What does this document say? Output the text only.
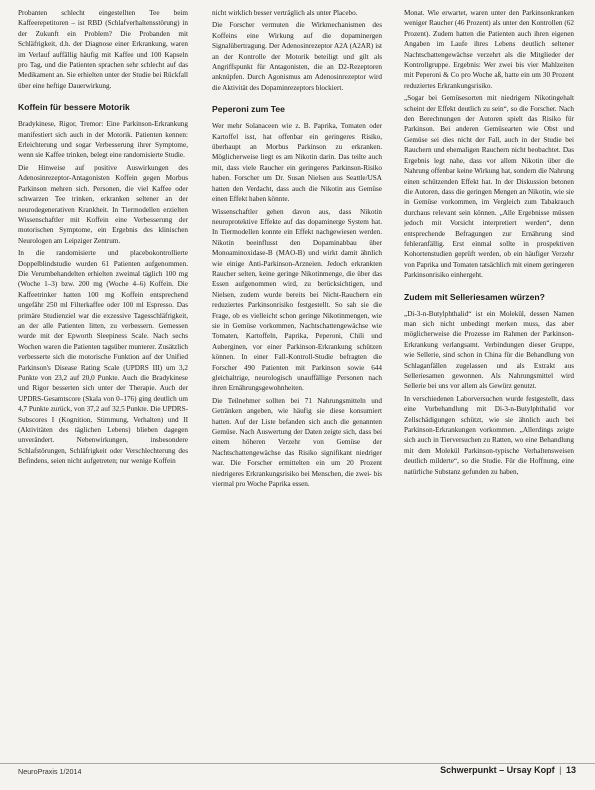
Probanten schlecht eingestellten Tee beim Kaffeerepetitoren – ist RBD (Schlafverhaltensstörung) in der Zukunft ein Problem? Die Probanden mit Schläfrigkeit, d.h. der Diagnose einer Erkrankung, waren im Verlauf auffällig häufig mit Kaffee und 100 Kapseln pro Tag, und die Patienten sprachen sehr schlecht auf das Medikament an. Sie erhielten unter der Studie bei Rückfall über eine heftige Dauerwirkung.

Koffein für bessere Motorik

Bradykinese, Rigor, Tremor: Eine Parkinson-Erkrankung manifestiert sich auch in der Motorik. Patienten kennen: Erleichterung und sogar Verbesserung ihrer Symptome, wenn sie Kaffee trinken, belegt eine randomisierte Studie.

Die Hinweise auf positive Auswirkungen des Adenosinrezeptor-Antagonisten Koffein gegen Morbus Parkinson mehren sich. Personen, die viel Kaffee oder schwarzen Tee trinken, erkranken seltener an der neurodegenerativen Krankheit. In Tiermodellen erzielten Wissenschaftler mit Koffein eine Verbesserung der motorischen Symptome, ein Ergebnis des klinischen Neurologen am Leipziger Zentrum.

In die randomisierte und placebokontrollierte Doppelblindstudie wurden 61 Patienten aufgenommen. Die Verumbehandelten erhielten zweimal täglich 100 mg (Woche 1–3) bzw. 200 mg (Woche 4–6) Koffein. Die Kaffeetrinker hatten 100 mg Koffein entsprechend ungefähr 250 ml Filterkaffee oder 100 ml Espresso. Das primäre Studienziel war die exzessive Tagesschläfrigkeit, an der alle Patienten litten, zu verbessern. Gemessen wurde mit der Epworth Sleepiness Scale. Nach sechs Wochen waren die Patienten tagsüber munterer. Zusätzlich verbesserte sich die motorische Funktion auf der Unified Parkinson's Disease Rating Scale (UPDRS III) um 3,2 Punkte von 23,2 auf 20,0 Punkte. Auch die Bradykinese und Rigor besserten sich unter der Therapie. Auch der UPDRS-Gesamtscore (Skala von 0–176) ging deutlich um 4,7 Punkte zurück, von 37,2 auf 32,5 Punkte. Die UPDRS-Subscores I (Kognition, Stimmung, Verhalten) und II (Aktivitäten des täglichen Lebens) blieben dagegen unverändert. Nebenwirkungen, insbesondere Schlafstörungen, Schläfrigkeit oder Verschlechterung des Befindens, seien nicht aufgetreten; nur wenige Koffein

nicht wirklich besser verträglich als unter Placebo.

Die Forscher vermuten die Wirkmechanismen des Koffeins eine Wirkung auf die dopaminergen Signalübertragung. Der Adenosinrezeptor A2A (A2AR) ist an der Kontrolle der Motorik beteiligt und gilt als Angriffspunkt für Antagonisten, die an D2-Rezeptoren anknüpfen. Durch Agonismus am Adenosinrezeptor wird die Aktivität des Dopaminrezeptors blockiert.

Peperoni zum Tee

Wer mehr Solanaceen wie z. B. Paprika, Tomaten oder Kartoffel isst, hat offenbar ein geringeres Risiko, überhaupt an Morbus Parkinson zu erkranken. Möglicherweise liegt es am Nikotin darin. Das teilte auch mit, dass viele Raucher ein geringeres Parkinson-Risiko haben. Forscher um Dr. Susan Nielsen aus Seattle/USA hatten den Verdacht, dass auch die Nikotin aus Gemüse einen Effekt haben könnte.

Wissenschaftler gehen davon aus, dass Nikotin neuroprotektive Effekte auf das dopaminerge System hat. In Tiermodellen konnte ein Effekt nachgewiesen werden. Nikotin beeinflusst den Dopaminabbau über Monoaminoxidase-B (MAO-B) und wirkt damit ähnlich wie einige Anti-Parkinson-Arzneien. Jedoch erkrankten Raucher selten, keine geringe Nikotinmenge, die über das Essen aufgenommen wird, zu berücksichtigen, und Nielsen, zudem wurde bereits bei Nicht-Rauchern ein reduziertes Parkinsonrisiko festgestellt. So sah sie die Frage, ob es vielleicht schon geringe Nikotinmengen, wie sie in Gemüse vorkommen, Nachtschattengewächse wie Tomaten, Kartoffeln, Paprika, Peperoni, Chili und Auberginen, vor einer Parkinson-Erkrankung schützen können. In einer Fall-Kontroll-Studie befragten die Forscher 490 Patienten mit Parkinson sowie 644 gleichaltrige, neurologisch unauffällige Personen nach ihren Ernährungsgewohnheiten.

Die Teilnehmer sollten bei 71 Nahrungsmitteln und Getränken angeben, wie häufig sie diese konsumiert hatten. Auf der Liste befanden sich auch die genannten Gemüse. Nach Auswertung der Daten zeigte sich, dass bei einem höheren Verzehr von Gemüse der Nachtschattengewächse das Risiko signifikant niedriger war. Die Forscher ermittelten ein um 20 Prozent niedrigeres Erkrankungsrisiko bei Menschen, die zwei- bis viermal pro Woche Paprika essen.

Monat. Wie erwartet, waren unter den Parkinsonkranken weniger Raucher (46 Prozent) als unter den Kontrollen (62 Prozent). Zudem hatten die Patienten auch ihren eigenen Angaben im Laufe ihres Lebens deutlich seltener Nachtschattengewächse verzehrt als die Mitglieder der Kontrollgruppe. Ergebnis: Wer zwei bis vier Mahlzeiten mit Peperoni & Co pro Woche aß, hatte ein um 30 Prozent reduziertes Erkrankungsrisiko.

„Sogar bei Gemüsesorten mit niedrigem Nikotingehalt scheint der Effekt deutlich zu sein“, so die Forscher. Nach den Berechnungen der Autoren spielt das Risiko für Parkinson. Bei anderen Gemüsearten wie Obst und Gemüse sei dies nicht der Fall, auch in der Studie bei Rauchern und ehemaligen Rauchern nicht beobachtet. Das Ergebnis legt nahe, dass vor allem Nikotin über die Nahrung offenbar keine Wirkung hat, sondern die Nahrung einen schützenden Effekt hat. In der Diskussion betonen die Autoren, dass die geringen Mengen an Nikotin, wie sie in Gemüse vorkommen, im Vergleich zum Tabakrauch durchaus relevant sein können. „Alle Ergebnisse müssen jedoch mit Vorsicht interpretiert werden“, denn entsprechende Befragungen zur Ernährung sind fehleranfällig. Erst einmal sollte in prospektiven Kohortenstudien geprüft werden, ob ein häufiger Verzehr von Paprika und Tomaten tatsächlich mit einem geringeren Parkinsonrisiko einhergeht.

Zudem mit Selleriesamen würzen?

„Di-3-n-Butylphthalid“ ist ein Molekül, dessen Namen man sich nicht unbedingt merken muss, das aber möglicherweise die Prozesse im Rahmen der Parkinson-Erkrankung verlangsamt. Verbindungen dieser Gruppe, wie Sellerie, sind schon in China für die Behandlung von Schlaganfällen zugelassen und als Extrakt aus Selleriesamen gewonnen. Als Nahrungsmittel wird Sellerie bei uns vor allem als Gewürz genutzt.

In verschiedenen Laborversuchen wurde festgestellt, dass eine Vorbehandlung mit Di-3-n-Butylphthalid vor Zellschädigungen schützt, wie sie ähnlich auch bei Parkinson-Erkrankungen vorkommen. „Allerdings zeigte sich auch in Tierversuchen zu Ratten, wo eine Behandlung mit dem Molekül Parkinson-typische Verhaltensweisen deutlich milderte“, so die Studie. Für die Hoffnung, eine natürliche Substanz gefunden zu haben,

NeuroPraxis 1/2014	Schwerpunkt – Ursay Kopf | 13
